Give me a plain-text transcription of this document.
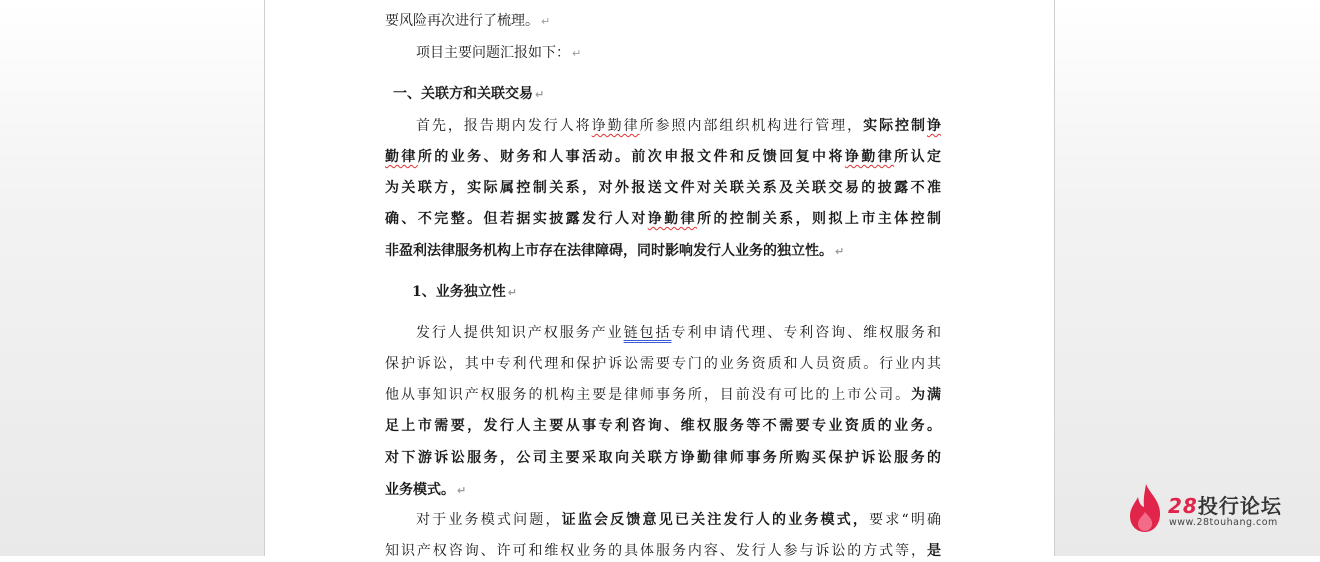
要风险再次进行了梳理。 ↵
项目主要问题汇报如下： ↵
一、关联方和关联交易 ↵
首先，报告期内发行人将诤勤律所参照内部组织机构进行管理，实际控制诤
勤律所的业务、财务和人事活动。前次申报文件和反馈回复中将诤勤律所认定
为关联方，实际属控制关系，对外报送文件对关联关系及关联交易的披露不准
确、不完整。但若据实披露发行人对诤勤律所的控制关系，则拟上市主体控制
非盈利法律服务机构上市存在法律障碍，同时影响发行人业务的独立性。 ↵
1、业务独立性 ↵
发行人提供知识产权服务产业链包括专利申请代理、专利咨询、维权服务和
保护诉讼，其中专利代理和保护诉讼需要专门的业务资质和人员资质。行业内其
他从事知识产权服务的机构主要是律师事务所，目前没有可比的上市公司。为满
足上市需要，发行人主要从事专利咨询、维权服务等不需要专业资质的业务。
对下游诉讼服务，公司主要采取向关联方诤勤律师事务所购买保护诉讼服务的
业务模式。 ↵
对于业务模式问题，证监会反馈意见已关注发行人的业务模式，要求“明确
知识产权咨询、许可和维权业务的具体服务内容、发行人参与诉讼的方式等，是
28投行论坛
www.28touhang.com
